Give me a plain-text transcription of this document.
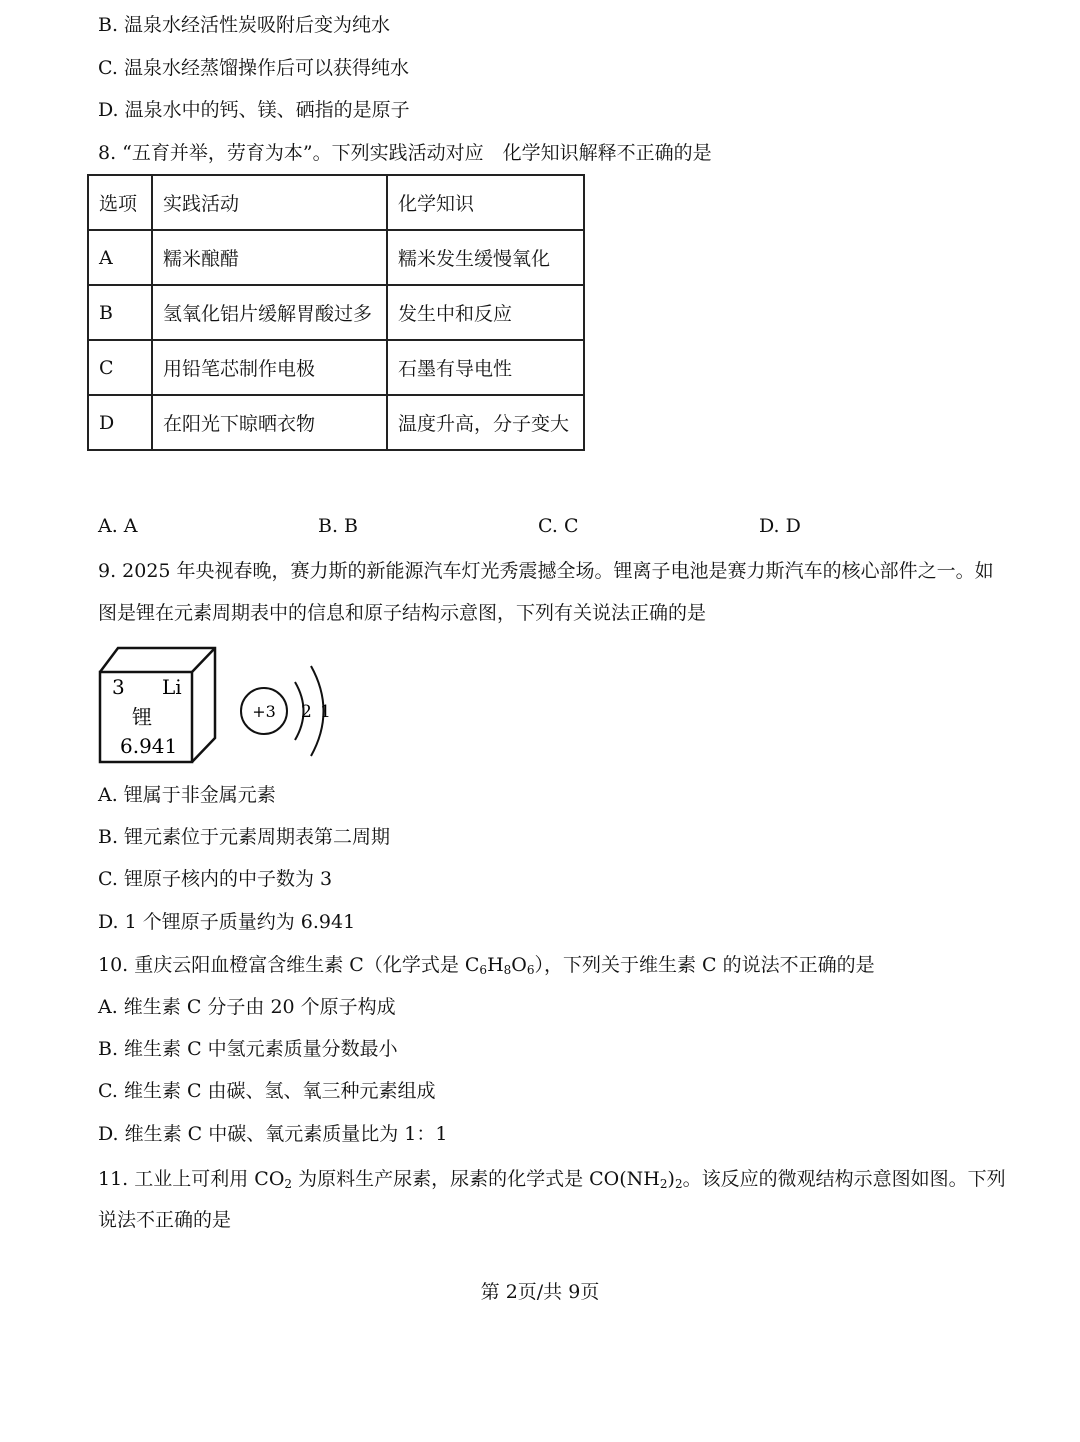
B. 温泉水经活性炭吸附后变为纯水
C. 温泉水经蒸馏操作后可以获得纯水
D. 温泉水中的钙、镁、硒指的是原子
8. “五育并举，劳育为本”。下列实践活动对应　化学知识解释不正确的是
选项	实践活动	化学知识
A	糯米酿醋	糯米发生缓慢氧化
B	氢氧化铝片缓解胃酸过多	发生中和反应
C	用铅笔芯制作电极	石墨有导电性
D	在阳光下晾晒衣物	温度升高，分子变大
A. A	B. B	C. C	D. D
9. 2025 年央视春晚，赛力斯的新能源汽车灯光秀震撼全场。锂离子电池是赛力斯汽车的核心部件之一。如
图是锂在元素周期表中的信息和原子结构示意图，下列有关说法正确的是
3 Li
锂
6.941
+3 2 1
A. 锂属于非金属元素
B. 锂元素位于元素周期表第二周期
C. 锂原子核内的中子数为 3
D. 1 个锂原子质量约为 6.941
10. 重庆云阳血橙富含维生素 C（化学式是 $C_6H_8O_6$），下列关于维生素 C 的说法不正确的是
A. 维生素 C 分子由 20 个原子构成
B. 维生素 C 中氢元素质量分数最小
C. 维生素 C 由碳、氢、氧三种元素组成
D. 维生素 C 中碳、氧元素质量比为 1：1
11. 工业上可利用 $CO_2$ 为原料生产尿素，尿素的化学式是 $CO(NH_2)_2$。该反应的微观结构示意图如图。下列
说法不正确的是
第 2页/共 9页
